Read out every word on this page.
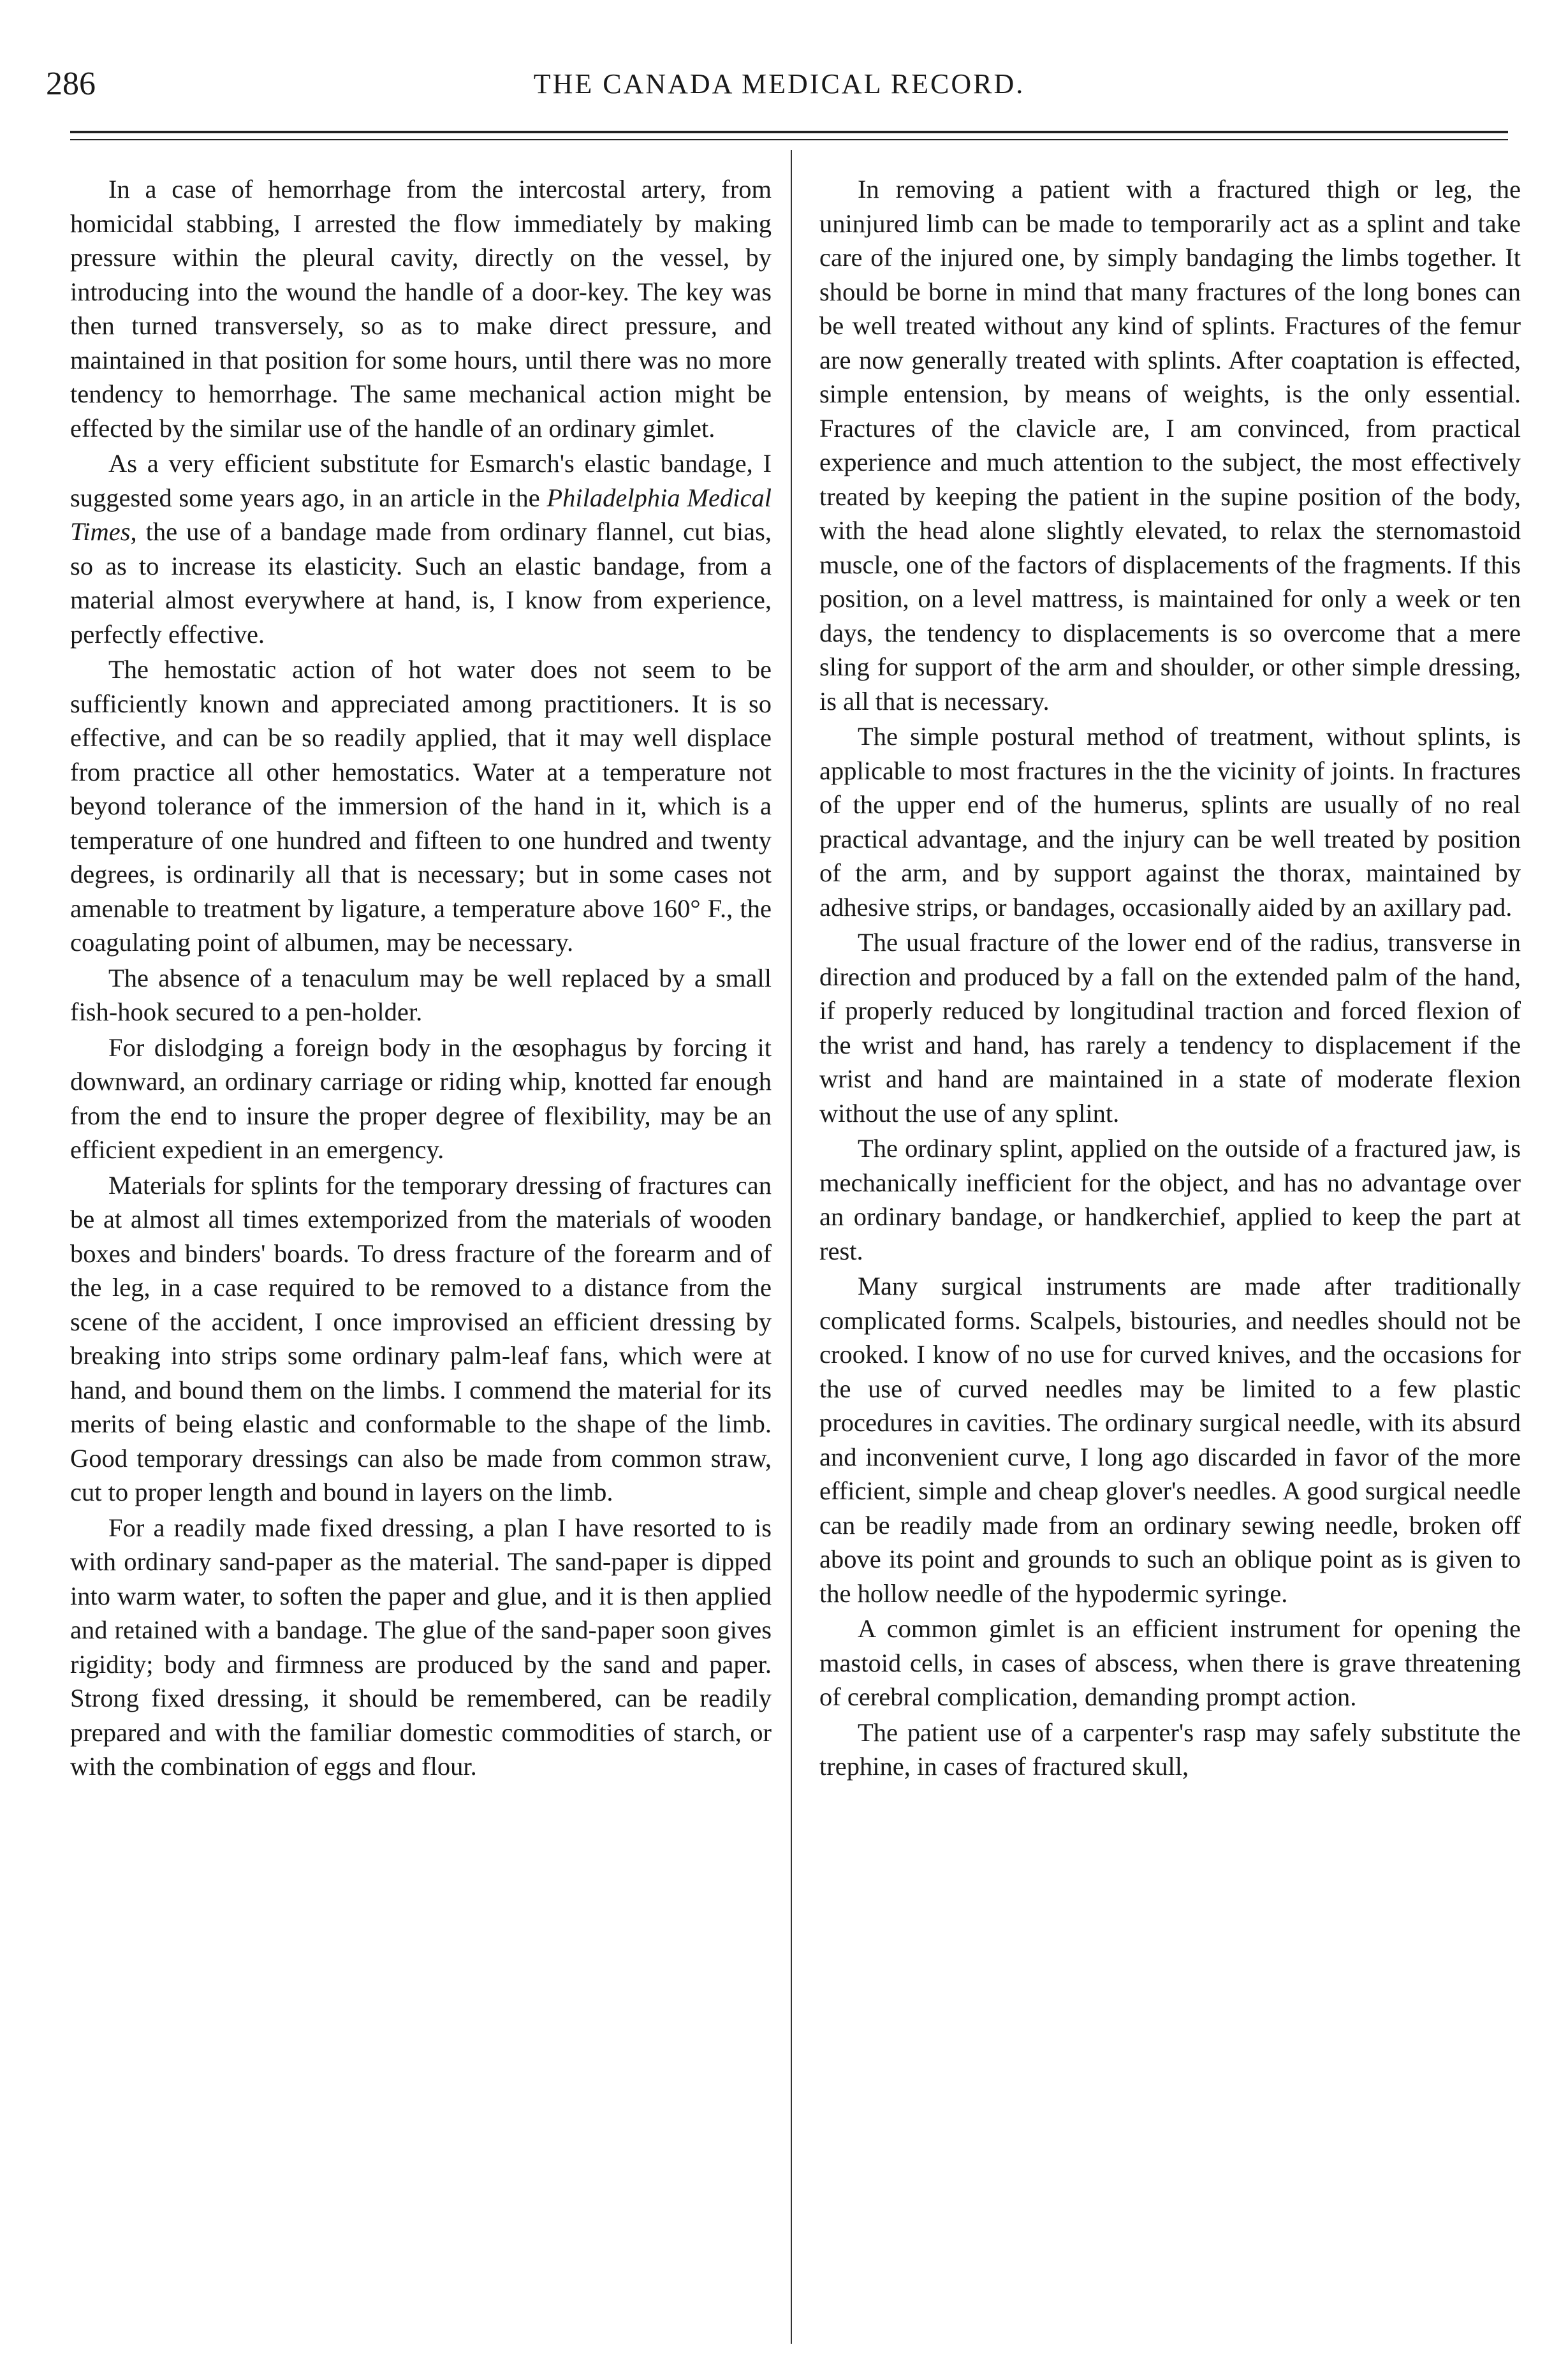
286	THE CANADA MEDICAL RECORD.

In a case of hemorrhage from the intercostal artery, from homicidal stabbing, I arrested the flow immediately by making pressure within the pleural cavity, directly on the vessel, by introducing into the wound the handle of a door-key. The key was then turned transversely, so as to make direct pressure, and maintained in that position for some hours, until there was no more tendency to hemorrhage. The same mechanical action might be effected by the similar use of the handle of an ordinary gimlet.

As a very efficient substitute for Esmarch's elastic bandage, I suggested some years ago, in an article in the Philadelphia Medical Times, the use of a bandage made from ordinary flannel, cut bias, so as to increase its elasticity. Such an elastic bandage, from a material almost everywhere at hand, is, I know from experience, perfectly effective.

The hemostatic action of hot water does not seem to be sufficiently known and appreciated among practitioners. It is so effective, and can be so readily applied, that it may well displace from practice all other hemostatics. Water at a temperature not beyond tolerance of the immersion of the hand in it, which is a temperature of one hundred and fifteen to one hundred and twenty degrees, is ordinarily all that is necessary; but in some cases not amenable to treatment by ligature, a temperature above 160° F., the coagulating point of albumen, may be necessary.

The absence of a tenaculum may be well replaced by a small fish-hook secured to a pen-holder.

For dislodging a foreign body in the œsophagus by forcing it downward, an ordinary carriage or riding whip, knotted far enough from the end to insure the proper degree of flexibility, may be an efficient expedient in an emergency.

Materials for splints for the temporary dressing of fractures can be at almost all times extemporized from the materials of wooden boxes and binders' boards. To dress fracture of the forearm and of the leg, in a case required to be removed to a distance from the scene of the accident, I once improvised an efficient dressing by breaking into strips some ordinary palm-leaf fans, which were at hand, and bound them on the limbs. I commend the material for its merits of being elastic and conformable to the shape of the limb. Good temporary dressings can also be made from common straw, cut to proper length and bound in layers on the limb.

For a readily made fixed dressing, a plan I have resorted to is with ordinary sand-paper as the material. The sand-paper is dipped into warm water, to soften the paper and glue, and it is then applied and retained with a bandage. The glue of the sand-paper soon gives rigidity; body and firmness are produced by the sand and paper. Strong fixed dressing, it should be remembered, can be readily prepared and with the familiar domestic commodities of starch, or with the combination of eggs and flour.

In removing a patient with a fractured thigh or leg, the uninjured limb can be made to temporarily act as a splint and take care of the injured one, by simply bandaging the limbs together. It should be borne in mind that many fractures of the long bones can be well treated without any kind of splints. Fractures of the femur are now generally treated with splints. After coaptation is effected, simple entension, by means of weights, is the only essential. Fractures of the clavicle are, I am convinced, from practical experience and much attention to the subject, the most effectively treated by keeping the patient in the supine position of the body, with the head alone slightly elevated, to relax the sternomastoid muscle, one of the factors of displacements of the fragments. If this position, on a level mattress, is maintained for only a week or ten days, the tendency to displacements is so overcome that a mere sling for support of the arm and shoulder, or other simple dressing, is all that is necessary.

The simple postural method of treatment, without splints, is applicable to most fractures in the the vicinity of joints. In fractures of the upper end of the humerus, splints are usually of no real practical advantage, and the injury can be well treated by position of the arm, and by support against the thorax, maintained by adhesive strips, or bandages, occasionally aided by an axillary pad.

The usual fracture of the lower end of the radius, transverse in direction and produced by a fall on the extended palm of the hand, if properly reduced by longitudinal traction and forced flexion of the wrist and hand, has rarely a tendency to displacement if the wrist and hand are maintained in a state of moderate flexion without the use of any splint.

The ordinary splint, applied on the outside of a fractured jaw, is mechanically inefficient for the object, and has no advantage over an ordinary bandage, or handkerchief, applied to keep the part at rest.

Many surgical instruments are made after traditionally complicated forms. Scalpels, bistouries, and needles should not be crooked. I know of no use for curved knives, and the occasions for the use of curved needles may be limited to a few plastic procedures in cavities. The ordinary surgical needle, with its absurd and inconvenient curve, I long ago discarded in favor of the more efficient, simple and cheap glover's needles. A good surgical needle can be readily made from an ordinary sewing needle, broken off above its point and grounds to such an oblique point as is given to the hollow needle of the hypodermic syringe.

A common gimlet is an efficient instrument for opening the mastoid cells, in cases of abscess, when there is grave threatening of cerebral complication, demanding prompt action.

The patient use of a carpenter's rasp may safely substitute the trephine, in cases of fractured skull,
